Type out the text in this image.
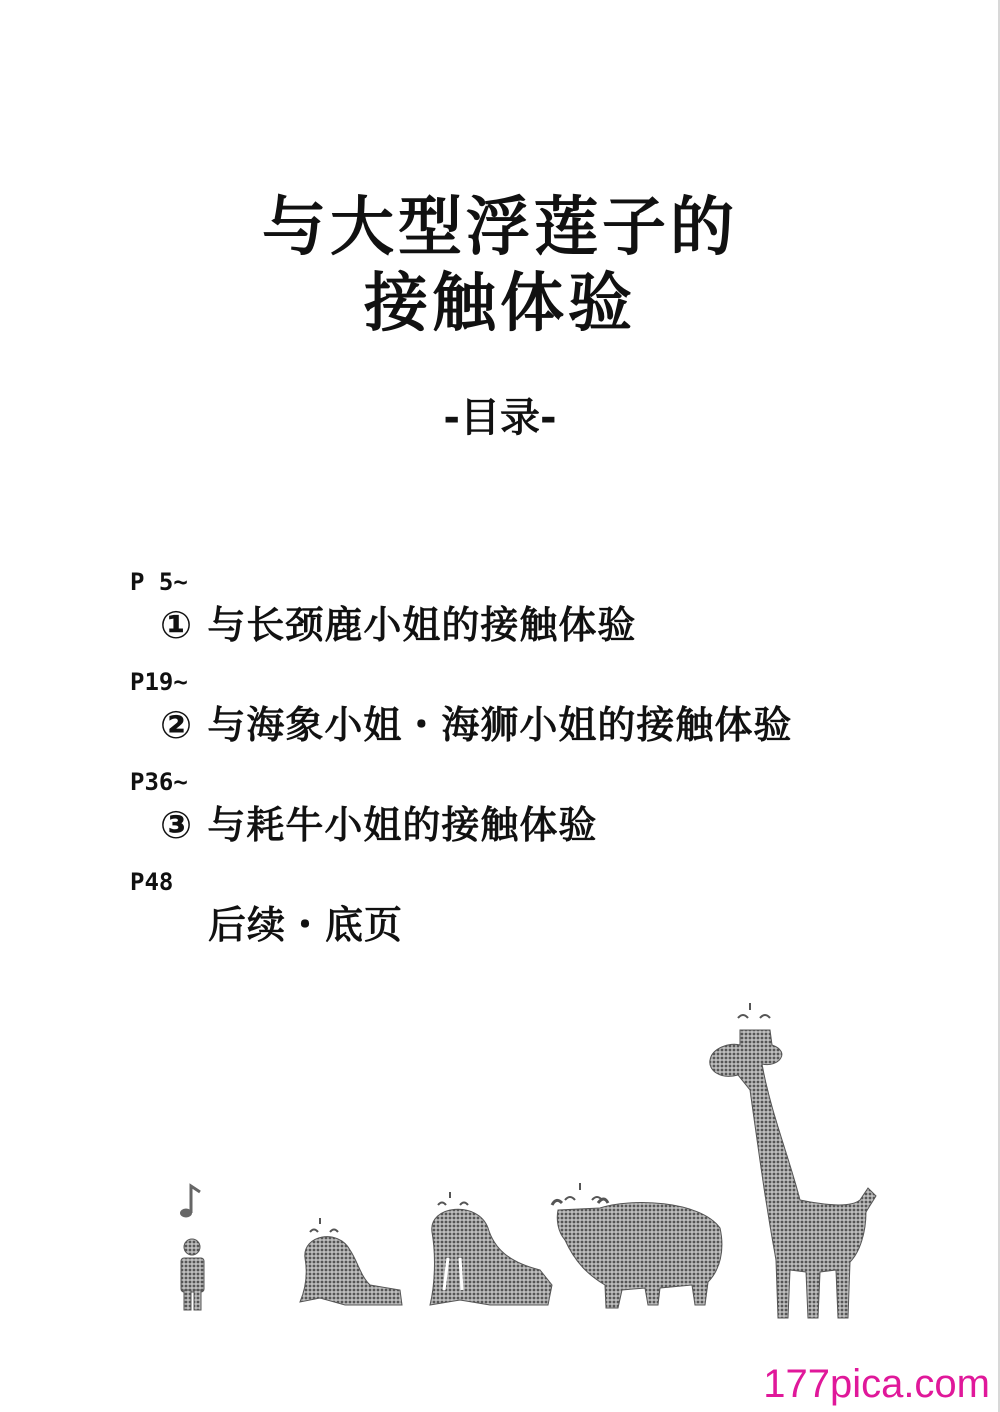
与大型浮莲子的
接触体验
-目录-
P 5~
① 与长颈鹿小姐的接触体验
P19~
② 与海象小姐・海狮小姐的接触体验
P36~
③ 与耗牛小姐的接触体验
P48
后续・底页
177pica.com
